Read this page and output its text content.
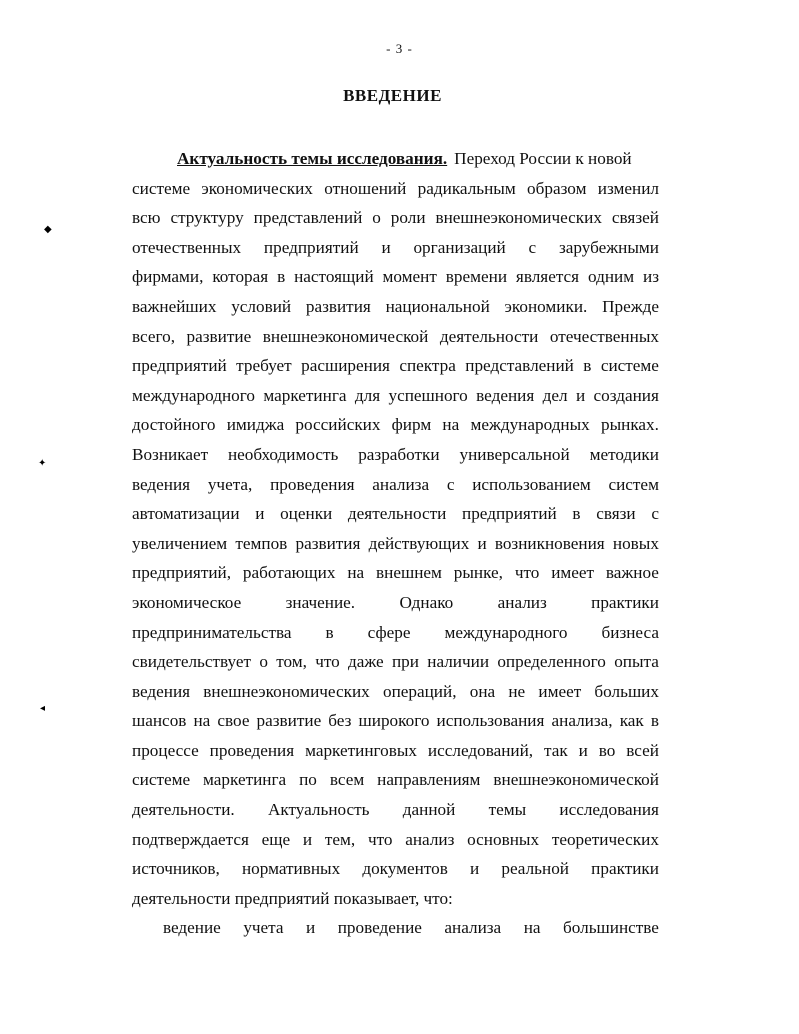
- 3 -
ВВЕДЕНИЕ
◆
✦
◂
Актуальность темы исследования. Переход России к новой
системе экономических отношений радикальным образом изменил
всю структуру представлений о роли внешнеэкономических связей
отечественных предприятий и организаций с зарубежными
фирмами, которая в настоящий момент времени является одним из
важнейших условий развития национальной экономики. Прежде
всего, развитие внешнеэкономической деятельности отечественных
предприятий требует расширения спектра представлений в системе
международного маркетинга для успешного ведения дел и создания
достойного имиджа российских фирм на международных рынках.
Возникает необходимость разработки универсальной методики
ведения учета, проведения анализа с использованием систем
автоматизации и оценки деятельности предприятий в связи с
увеличением темпов развития действующих и возникновения новых
предприятий, работающих на внешнем рынке, что имеет важное
экономическое	значение.	Однако	анализ	практики
предпринимательства в сфере международного бизнеса
свидетельствует о том, что даже при наличии определенного опыта
ведения внешнеэкономических операций, она не имеет больших
шансов на свое развитие без широкого использования анализа, как в
процессе проведения маркетинговых исследований, так и во всей
системе маркетинга по всем направлениям внешнеэкономической
деятельности. Актуальность данной темы исследования
подтверждается еще и тем, что анализ основных теоретических
источников, нормативных документов и реальной практики
деятельности предприятий показывает, что:
ведение учета и проведение анализа на большинстве
